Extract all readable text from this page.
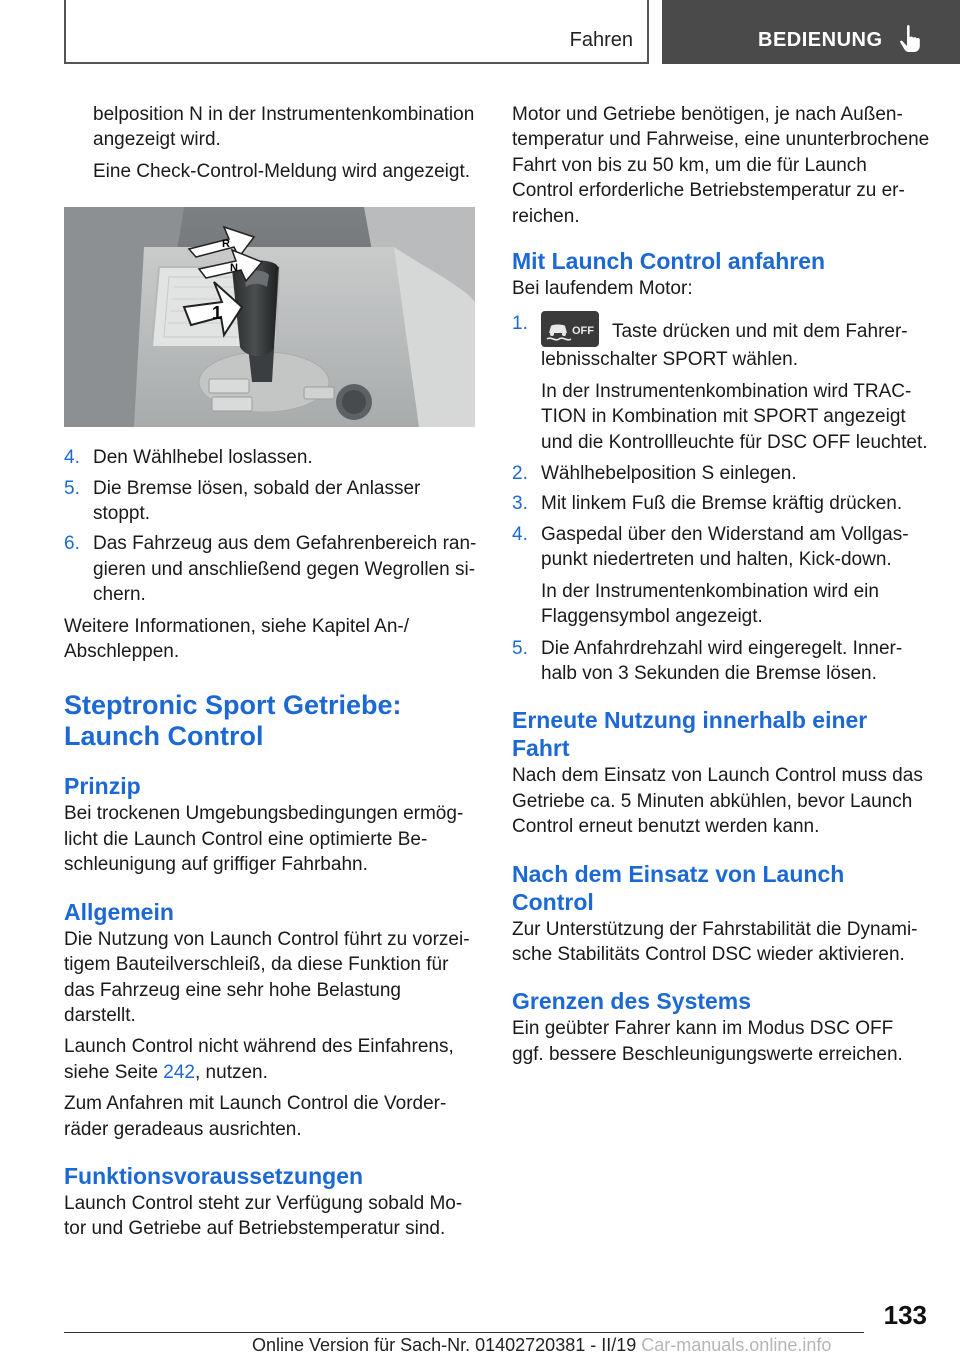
Fahren	BEDIENUNG

belposition N in der Instrumentenkombination angezeigt wird.

Eine Check-Control-Meldung wird angezeigt.

R
N
1
4. Den Wählhebel loslassen.
5. Die Bremse lösen, sobald der Anlasser stoppt.
6. Das Fahrzeug aus dem Gefahrenbereich rangieren und anschließend gegen Wegrollen sichern.

Weitere Informationen, siehe Kapitel An-/ Abschleppen.

Steptronic Sport Getriebe: Launch Control
Prinzip

Bei trockenen Umgebungsbedingungen ermöglicht die Launch Control eine optimierte Beschleunigung auf griffiger Fahrbahn.

Allgemein

Die Nutzung von Launch Control führt zu vorzeitigem Bauteilverschleiß, da diese Funktion für das Fahrzeug eine sehr hohe Belastung darstellt.

Launch Control nicht während des Einfahrens, siehe Seite 242, nutzen.

Zum Anfahren mit Launch Control die Vorderräder geradeaus ausrichten.

Funktionsvoraussetzungen

Launch Control steht zur Verfügung sobald Motor und Getriebe auf Betriebstemperatur sind.

Motor und Getriebe benötigen, je nach Außentemperatur und Fahrweise, eine ununterbrochene Fahrt von bis zu 50 km, um die für Launch Control erforderliche Betriebstemperatur zu erreichen.

Mit Launch Control anfahren

Bei laufendem Motor:

1.	OFF Taste drücken und mit dem Fahrerlebnisschalter SPORT wählen.

In der Instrumentenkombination wird TRACTION in Kombination mit SPORT angezeigt und die Kontrollleuchte für DSC OFF leuchtet.

2. Wählhebelposition S einlegen.
3. Mit linkem Fuß die Bremse kräftig drücken.
4. Gaspedal über den Widerstand am Vollgaspunkt niedertreten und halten, Kick-down.

In der Instrumentenkombination wird ein Flaggensymbol angezeigt.

5. Die Anfahrdrehzahl wird eingeregelt. Innerhalb von 3 Sekunden die Bremse lösen.
Erneute Nutzung innerhalb einer Fahrt

Nach dem Einsatz von Launch Control muss das Getriebe ca. 5 Minuten abkühlen, bevor Launch Control erneut benutzt werden kann.

Nach dem Einsatz von Launch Control

Zur Unterstützung der Fahrstabilität die Dynamische Stabilitäts Control DSC wieder aktivieren.

Grenzen des Systems

Ein geübter Fahrer kann im Modus DSC OFF ggf. bessere Beschleunigungswerte erreichen.

133
Online Version für Sach-Nr. 01402720381 - II/19 Car-manuals.online.info
